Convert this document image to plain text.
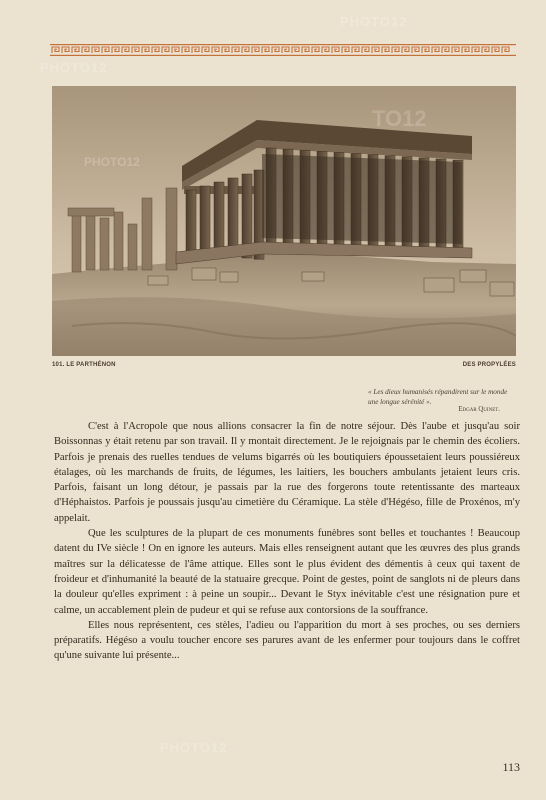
PHOTO12
TO12
101. LE PARTHÉNON	DES PROPYLÉES
« Les dieux humanisés répandirent sur le monde une longue sérénité ».
Edgar Quinet.

C'est à l'Acropole que nous allions consacrer la fin de notre séjour. Dès l'aube et jusqu'au soir Boissonnas y était retenu par son travail. Il y montait directement. Je le rejoignais par le chemin des écoliers. Parfois je prenais des ruelles tendues de velums bigarrés où les boutiquiers époussetaient leurs poussiéreux étalages, où les marchands de fruits, de légumes, les laitiers, les bouchers ambulants jetaient leurs cris. Parfois, faisant un long détour, je passais par la rue des forgerons toute retentissante des marteaux d'Héphaistos. Parfois je poussais jusqu'au cimetière du Céramique. La stèle d'Hégéso, fille de Proxénos, m'y appelait.

Que les sculptures de la plupart de ces monuments funèbres sont belles et touchantes ! Beaucoup datent du IVe siècle ! On en ignore les auteurs. Mais elles renseignent autant que les œuvres des plus grands maîtres sur la délicatesse de l'âme attique. Elles sont le plus évident des démentis à ceux qui taxent de froideur et d'inhumanité la beauté de la statuaire grecque. Point de gestes, point de sanglots ni de pleurs dans la douleur qu'elles expriment : à peine un soupir... Devant le Styx inévitable c'est une résignation pure et calme, un accablement plein de pudeur et qui se refuse aux contorsions de la souffrance.

Elles nous représentent, ces stèles, l'adieu ou l'apparition du mort à ses proches, ou ses derniers préparatifs. Hégéso a voulu toucher encore ses parures avant de les enfermer pour toujours dans le coffret qu'une suivante lui présente...

113
PHOTO12
PHOTO12
PHOTO12
